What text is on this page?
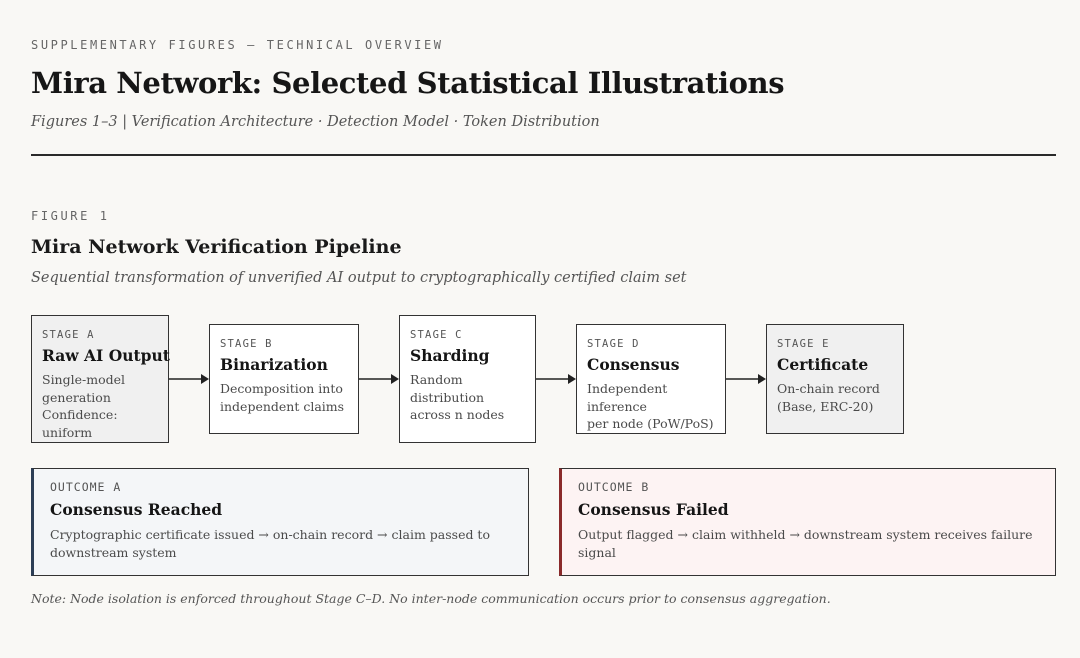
SUPPLEMENTARY FIGURES — TECHNICAL OVERVIEW
Mira Network: Selected Statistical Illustrations
Figures 1–3 | Verification Architecture · Detection Model · Token Distribution
FIGURE 1
Mira Network Verification Pipeline
Sequential transformation of unverified AI output to cryptographically certified claim set
STAGE A
Raw AI Output
Single-model
generation
Confidence: uniform
STAGE B
Binarization
Decomposition into
independent claims
STAGE C
Sharding
Random
distribution
across n nodes
STAGE D
Consensus
Independent inference
per node (PoW/PoS)
STAGE E
Certificate
On-chain record
(Base, ERC-20)
OUTCOME A
Consensus Reached
Cryptographic certificate issued → on-chain record → claim passed to downstream system
OUTCOME B
Consensus Failed
Output flagged → claim withheld → downstream system receives failure signal
Note: Node isolation is enforced throughout Stage C–D. No inter-node communication occurs prior to consensus aggregation.
